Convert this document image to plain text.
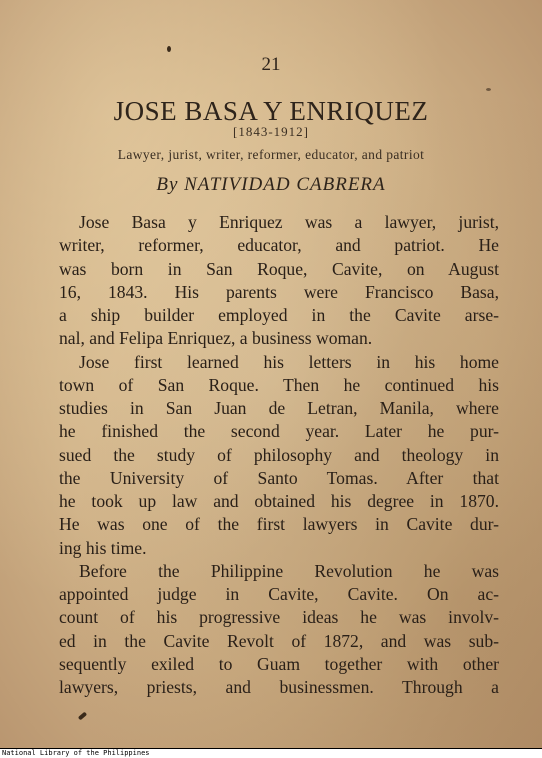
21
JOSE BASA Y ENRIQUEZ
[1843-1912]
Lawyer, jurist, writer, reformer, educator, and patriot
By NATIVIDAD CABRERA
Jose Basa y Enriquez was a lawyer, jurist,
writer, reformer, educator, and patriot. He
was born in San Roque, Cavite, on August
16, 1843. His parents were Francisco Basa,
a ship builder employed in the Cavite arse-
nal, and Felipa Enriquez, a business woman.
Jose first learned his letters in his home
town of San Roque. Then he continued his
studies in San Juan de Letran, Manila, where
he finished the second year. Later he pur-
sued the study of philosophy and theology in
the University of Santo Tomas. After that
he took up law and obtained his degree in 1870.
He was one of the first lawyers in Cavite dur-
ing his time.
Before the Philippine Revolution he was
appointed judge in Cavite, Cavite. On ac-
count of his progressive ideas he was involv-
ed in the Cavite Revolt of 1872, and was sub-
sequently exiled to Guam together with other
lawyers, priests, and businessmen. Through a
National Library of the Philippines
